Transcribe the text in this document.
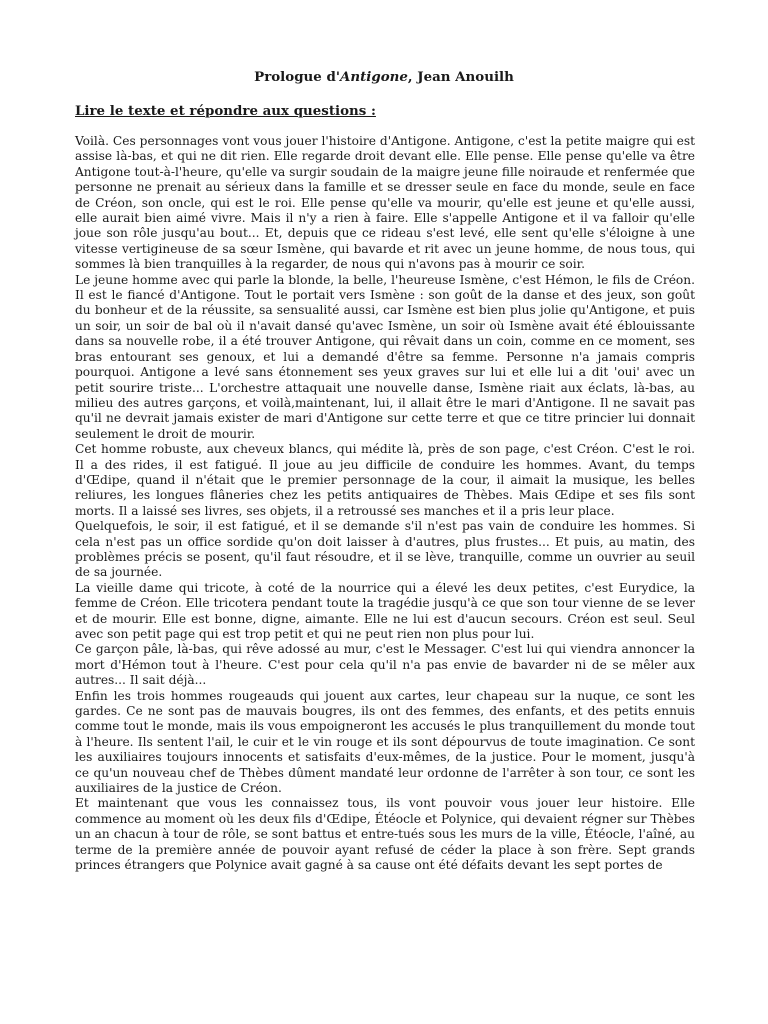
Prologue d'Antigone, Jean Anouilh
Lire le texte et répondre aux questions :

Voilà. Ces personnages vont vous jouer l'histoire d'Antigone. Antigone, c'est la petite maigre qui est assise là-bas, et qui ne dit rien. Elle regarde droit devant elle. Elle pense. Elle pense qu'elle va être Antigone tout-à-l'heure, qu'elle va surgir soudain de la maigre jeune fille noiraude et renfermée que personne ne prenait au sérieux dans la famille et se dresser seule en face du monde, seule en face de Créon, son oncle, qui est le roi. Elle pense qu'elle va mourir, qu'elle est jeune et qu'elle aussi, elle aurait bien aimé vivre. Mais il n'y a rien à faire. Elle s'appelle Antigone et il va falloir qu'elle joue son rôle jusqu'au bout... Et, depuis que ce rideau s'est levé, elle sent qu'elle s'éloigne à une vitesse vertigineuse de sa sœur Ismène, qui bavarde et rit avec un jeune homme, de nous tous, qui sommes là bien tranquilles à la regarder, de nous qui n'avons pas à mourir ce soir.

Le jeune homme avec qui parle la blonde, la belle, l'heureuse Ismène, c'est Hémon, le fils de Créon. Il est le fiancé d'Antigone. Tout le portait vers Ismène : son goût de la danse et des jeux, son goût du bonheur et de la réussite, sa sensualité aussi, car Ismène est bien plus jolie qu'Antigone, et puis un soir, un soir de bal où il n'avait dansé qu'avec Ismène, un soir où Ismène avait été éblouissante dans sa nouvelle robe, il a été trouver Antigone, qui rêvait dans un coin, comme en ce moment, ses bras entourant ses genoux, et lui a demandé d'être sa femme. Personne n'a jamais compris pourquoi. Antigone a levé sans étonnement ses yeux graves sur lui et elle lui a dit 'oui' avec un petit sourire triste... L'orchestre attaquait une nouvelle danse, Ismène riait aux éclats, là-bas, au milieu des autres garçons, et voilà,maintenant, lui, il allait être le mari d'Antigone. Il ne savait pas qu'il ne devrait jamais exister de mari d'Antigone sur cette terre et que ce titre princier lui donnait seulement le droit de mourir.

Cet homme robuste, aux cheveux blancs, qui médite là, près de son page, c'est Créon. C'est le roi. Il a des rides, il est fatigué. Il joue au jeu difficile de conduire les hommes. Avant, du temps d'Œdipe, quand il n'était que le premier personnage de la cour, il aimait la musique, les belles reliures, les longues flâneries chez les petits antiquaires de Thèbes. Mais Œdipe et ses fils sont morts. Il a laissé ses livres, ses objets, il a retroussé ses manches et il a pris leur place.

Quelquefois, le soir, il est fatigué, et il se demande s'il n'est pas vain de conduire les hommes. Si cela n'est pas un office sordide qu'on doit laisser à d'autres, plus frustes... Et puis, au matin, des problèmes précis se posent, qu'il faut résoudre, et il se lève, tranquille, comme un ouvrier au seuil de sa journée.

La vieille dame qui tricote, à coté de la nourrice qui a élevé les deux petites, c'est Eurydice, la femme de Créon. Elle tricotera pendant toute la tragédie jusqu'à ce que son tour vienne de se lever et de mourir. Elle est bonne, digne, aimante. Elle ne lui est d'aucun secours. Créon est seul. Seul avec son petit page qui est trop petit et qui ne peut rien non plus pour lui.

Ce garçon pâle, là-bas, qui rêve adossé au mur, c'est le Messager. C'est lui qui viendra annoncer la mort d'Hémon tout à l'heure. C'est pour cela qu'il n'a pas envie de bavarder ni de se mêler aux autres... Il sait déjà...

Enfin les trois hommes rougeauds qui jouent aux cartes, leur chapeau sur la nuque, ce sont les gardes. Ce ne sont pas de mauvais bougres, ils ont des femmes, des enfants, et des petits ennuis comme tout le monde, mais ils vous empoigneront les accusés le plus tranquillement du monde tout à l'heure. Ils sentent l'ail, le cuir et le vin rouge et ils sont dépourvus de toute imagination. Ce sont les auxiliaires toujours innocents et satisfaits d'eux-mêmes, de la justice. Pour le moment, jusqu'à ce qu'un nouveau chef de Thèbes dûment mandaté leur ordonne de l'arrêter à son tour, ce sont les auxiliaires de la justice de Créon.

Et maintenant que vous les connaissez tous, ils vont pouvoir vous jouer leur histoire. Elle commence au moment où les deux fils d'Œdipe, Étéocle et Polynice, qui devaient régner sur Thèbes un an chacun à tour de rôle, se sont battus et entre-tués sous les murs de la ville, Étéocle, l'aîné, au terme de la première année de pouvoir ayant refusé de céder la place à son frère. Sept grands princes étrangers que Polynice avait gagné à sa cause ont été défaits devant les sept portes de
